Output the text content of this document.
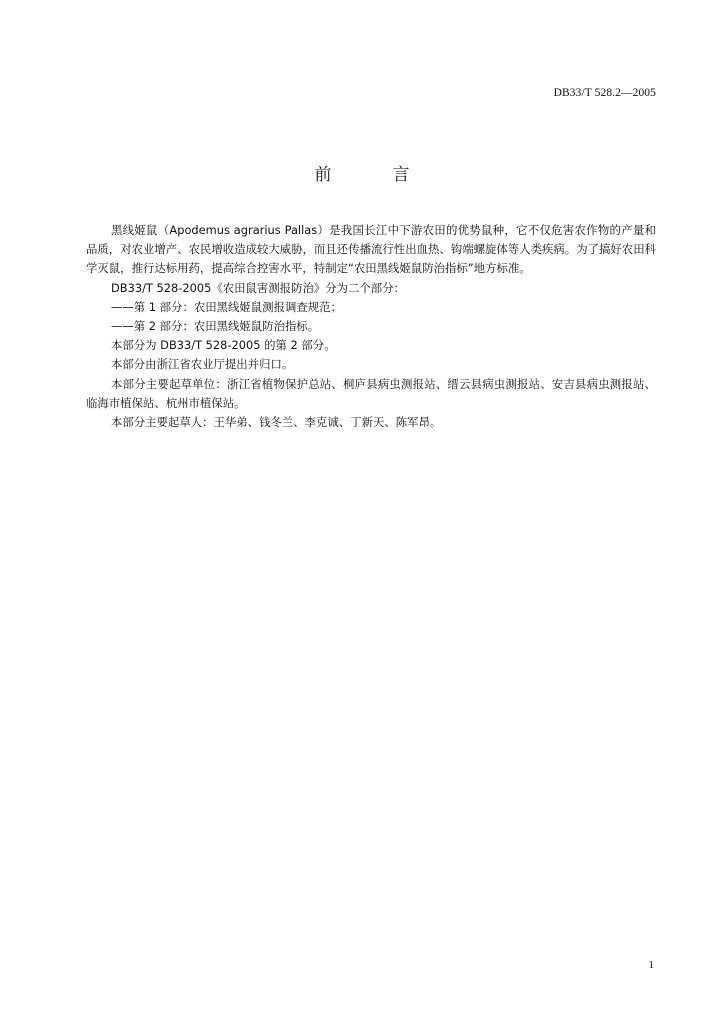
DB33/T 528.2—2005
前　言

黑线姬鼠（Apodemus agrarius Pallas）是我国长江中下游农田的优势鼠种，它不仅危害农作物的产量和品质，对农业增产、农民增收造成较大威胁，而且还传播流行性出血热、钩端螺旋体等人类疾病。为了搞好农田科学灭鼠，推行达标用药，提高综合控害水平，特制定“农田黑线姬鼠防治指标”地方标准。

DB33/T 528-2005《农田鼠害测报防治》分为二个部分：

——第 1 部分：农田黑线姬鼠测报调查规范；

——第 2 部分：农田黑线姬鼠防治指标。

本部分为 DB33/T 528-2005 的第 2 部分。

本部分由浙江省农业厅提出并归口。

本部分主要起草单位：浙江省植物保护总站、桐庐县病虫测报站、缙云县病虫测报站、安吉县病虫测报站、临海市植保站、杭州市植保站。

本部分主要起草人：王华弟、钱冬兰、李克诚、丁新天、陈军昂。

1
